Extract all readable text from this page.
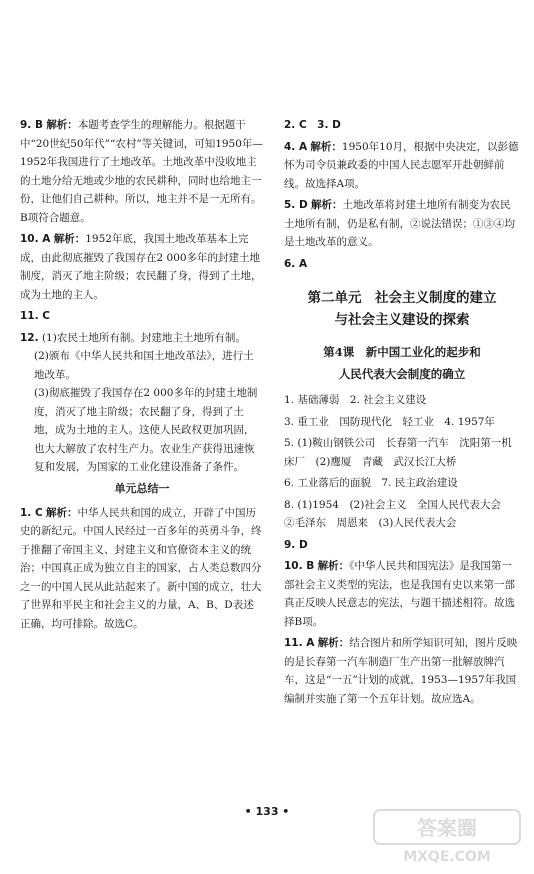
9. B 解析：本题考查学生的理解能力。根据题干中“20世纪50年代”“农村”等关键词，可知1950年—1952年我国进行了土地改革。土地改革中没收地主的土地分给无地或少地的农民耕种，同时也给地主一份，让他们自己耕种。所以，地主并不是一无所有。B项符合题意。

10. A 解析：1952年底，我国土地改革基本上完成，由此彻底摧毁了我国存在2 000多年的封建土地制度，消灭了地主阶级；农民翻了身，得到了土地，成为土地的主人。

11. C

12. (1)农民土地所有制。封建地主土地所有制。

(2)颁布《中华人民共和国土地改革法》，进行土地改革。

(3)彻底摧毁了我国存在2 000多年的封建土地制度，消灭了地主阶级；农民翻了身，得到了土地，成为土地的主人。这使人民政权更加巩固，也大大解放了农村生产力。农业生产获得迅速恢复和发展，为国家的工业化建设准备了条件。

单元总结一

1. C 解析：中华人民共和国的成立，开辟了中国历史的新纪元。中国人民经过一百多年的英勇斗争，终于推翻了帝国主义、封建主义和官僚资本主义的统治；中国真正成为独立自主的国家，占人类总数四分之一的中国人民从此站起来了。新中国的成立，壮大了世界和平民主和社会主义的力量，A、B、D表述正确，均可排除。故选C。

2. C　3. D

4. A 解析：1950年10月，根据中央决定，以彭德怀为司令员兼政委的中国人民志愿军开赴朝鲜前线。故选择A项。

5. D 解析：土地改革将封建土地所有制变为农民土地所有制，仍是私有制，②说法错误；①③④均是土地改革的意义。

6. A

第二单元　社会主义制度的建立
与社会主义建设的探索
第4课　新中国工业化的起步和
人民代表大会制度的确立

1. 基础薄弱　2. 社会主义建设

3. 重工业　国防现代化　轻工业　4. 1957年

5. (1)鞍山钢铁公司　长春第一汽车　沈阳第一机床厂　(2)鹰厦　青藏　武汉长江大桥

6. 工业落后的面貌　7. 民主政治建设

8. (1)1954　(2)社会主义　全国人民代表大会　②毛泽东　周恩来　(3)人民代表大会

9. D

10. B 解析：《中华人民共和国宪法》是我国第一部社会主义类型的宪法，也是我国有史以来第一部真正反映人民意志的宪法，与题干描述相符。故选择B项。

11. A 解析：结合图片和所学知识可知，图片反映的是长春第一汽车制造厂生产出第一批解放牌汽车，这是“一五”计划的成就，1953—1957年我国编制并实施了第一个五年计划。故应选A。

• 133 •
答案圈
MXQE.COM
